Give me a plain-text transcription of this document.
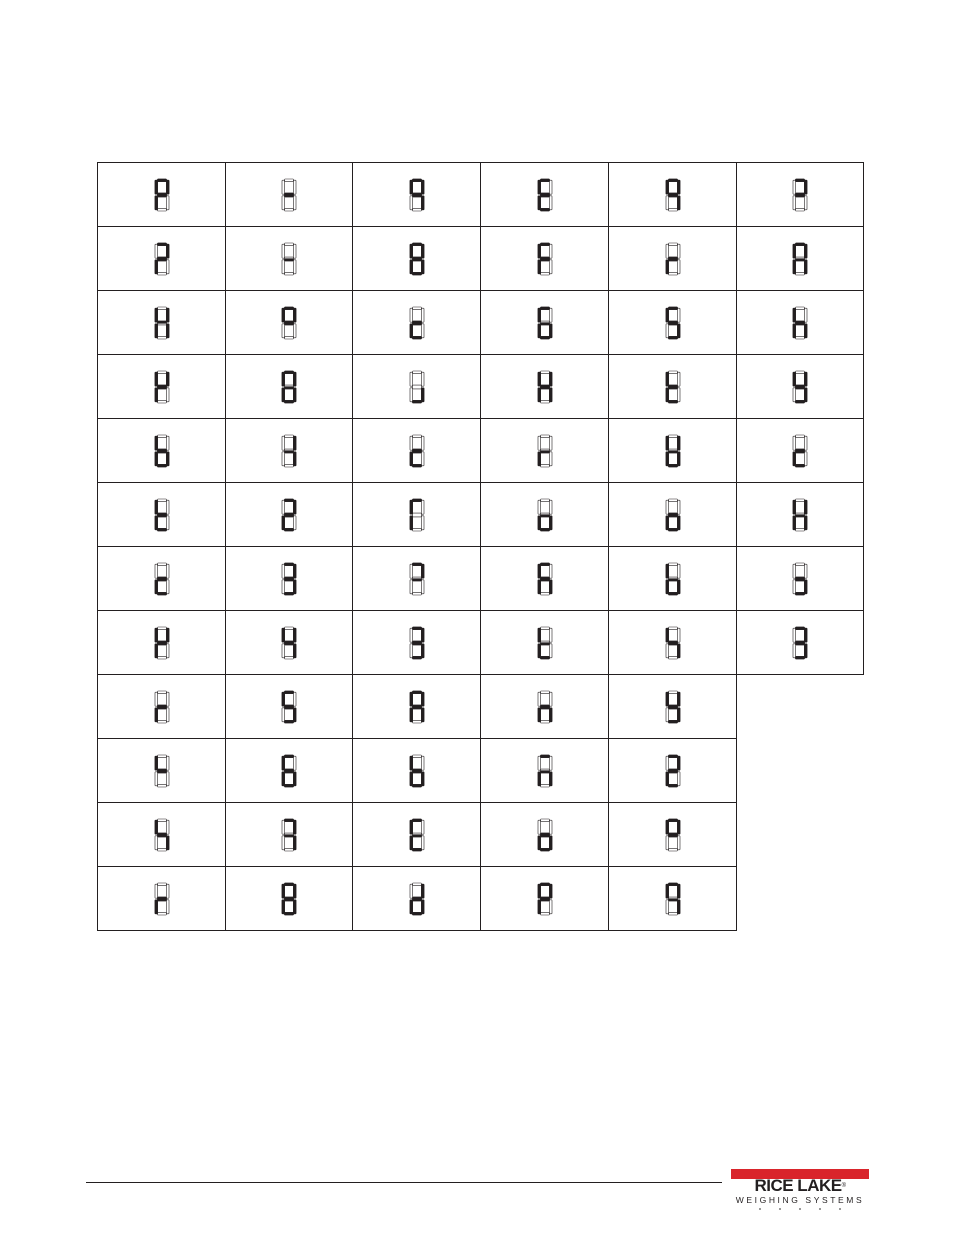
RICE LAKE®
WEIGHING SYSTEMS
